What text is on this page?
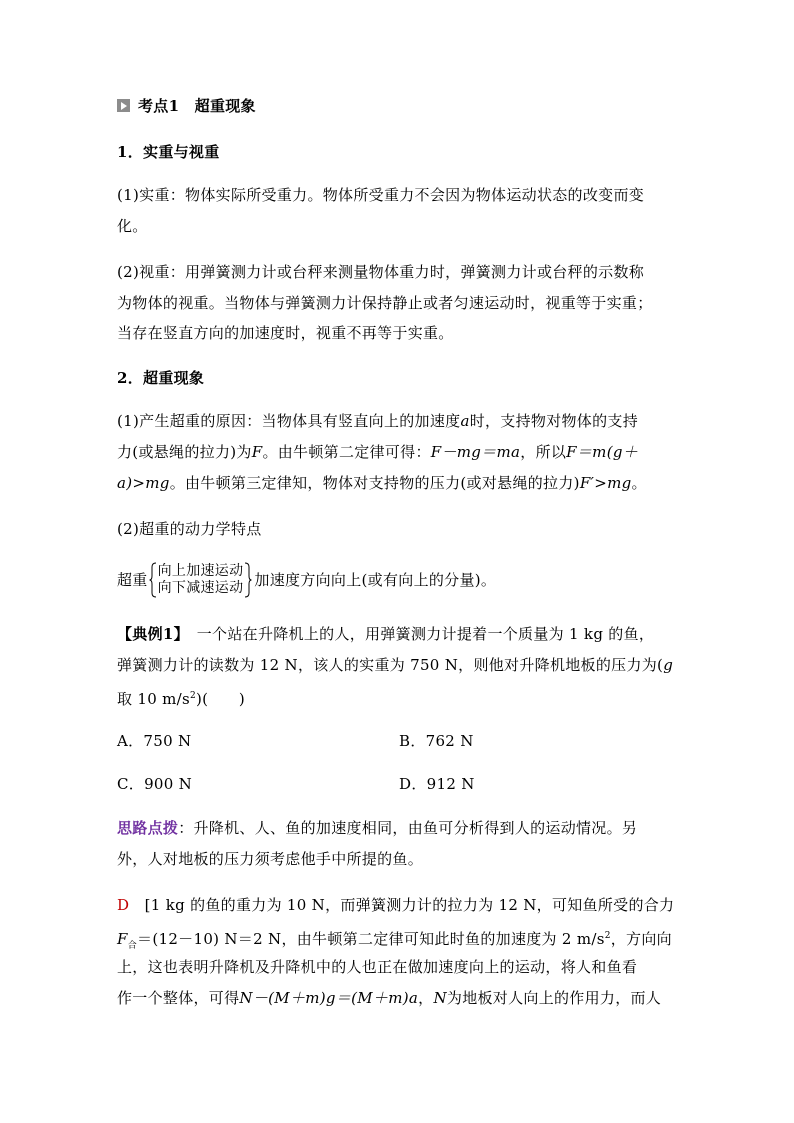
考点1　 超重现象
1．实重与视重
(1)实重：物体实际所受重力。物体所受重力不会因为物体运动状态的改变而变
化。
(2)视重：用弹簧测力计或台秤来测量物体重力时，弹簧测力计或台秤的示数称
为物体的视重。当物体与弹簧测力计保持静止或者匀速运动时，视重等于实重；
当存在竖直方向的加速度时，视重不再等于实重。
2．超重现象
(1)产生超重的原因：当物体具有竖直向上的加速度a时，支持物对物体的支持
力(或悬绳的拉力)为F。由牛顿第二定律可得：F－mg＝ma，所以F＝m(g＋
a)>mg。由牛顿第三定律知，物体对支持物的压力(或对悬绳的拉力)F′>mg。
(2)超重的动力学特点
超重 向上加速运动
向下减速运动 加速度方向向上(或有向上的分量)。
【典例1】　 一个站在升降机上的人，用弹簧测力计提着一个质量为 1 kg 的鱼，
弹簧测力计的读数为 12 N，该人的实重为 750 N，则他对升降机地板的压力为(g
取 10 $m/s^2$)(　　)
A．750 N	B．762 N
C．900 N	D．912 N
思路点拨：升降机、人、鱼的加速度相同，由鱼可分析得到人的运动情况。另
外，人对地板的压力须考虑他手中所提的鱼。
D　 [1 kg 的鱼的重力为 10 N，而弹簧测力计的拉力为 12 N，可知鱼所受的合力
$F_合=(12-10)$ N＝2 N，由牛顿第二定律可知此时鱼的加速度为 2 $m/s^2$，方向向
上，这也表明升降机及升降机中的人也正在做加速度向上的运动，将人和鱼看
作一个整体，可得N－(M＋m)g＝(M＋m)a，N为地板对人向上的作用力，而人
